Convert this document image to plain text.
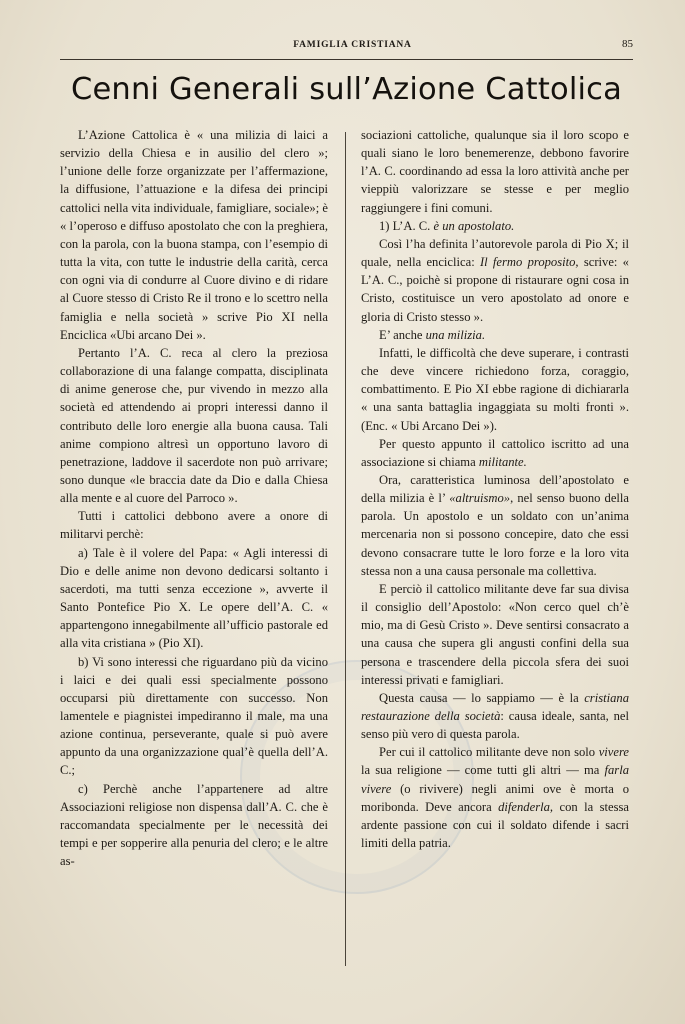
FAMIGLIA CRISTIANA	85
Cenni Generali sull’Azione Cattolica

L’Azione Cattolica è « una milizia di laici a servizio della Chiesa e in ausilio del clero »; l’unione delle forze organizzate per l’affermazione, la diffusione, l’attuazione e la difesa dei principi cattolici nella vita individuale, famigliare, sociale»; è « l’operoso e diffuso apostolato che con la preghiera, con la parola, con la buona stampa, con l’esempio di tutta la vita, con tutte le industrie della carità, cerca con ogni via di condurre al Cuore divino e di ridare al Cuore stesso di Cristo Re il trono e lo scettro nella famiglia e nella società » scrive Pio XI nella Enciclica «Ubi arcano Dei ».

Pertanto l’A. C. reca al clero la preziosa collaborazione di una falange compatta, disciplinata di anime generose che, pur vivendo in mezzo alla società ed attendendo ai propri interessi danno il contributo delle loro energie alla buona causa. Tali anime compiono altresì un opportuno lavoro di penetrazione, laddove il sacerdote non può arrivare; sono dunque «le braccia date da Dio e dalla Chiesa alla mente e al cuore del Parroco ».

Tutti i cattolici debbono avere a onore di militarvi perchè:

a) Tale è il volere del Papa: « Agli interessi di Dio e delle anime non devono dedicarsi soltanto i sacerdoti, ma tutti senza eccezione », avverte il Santo Pontefice Pio X. Le opere dell’A. C. « appartengono innegabilmente all’ufficio pastorale ed alla vita cristiana » (Pio XI).

b) Vi sono interessi che riguardano più da vicino i laici e dei quali essi specialmente possono occuparsi più direttamente con successo. Non lamentele e piagnistei impediranno il male, ma una azione continua, perseverante, quale si può avere appunto da una organizzazione qual’è quella dell’A. C.;

c) Perchè anche l’appartenere ad altre Associazioni religiose non dispensa dall’A. C. che è raccomandata specialmente per le necessità dei tempi e per sopperire alla penuria del clero; e le altre as-

sociazioni cattoliche, qualunque sia il loro scopo e quali siano le loro benemerenze, debbono favorire l’A. C. coordinando ad essa la loro attività anche per vieppiù valorizzare se stesse e per meglio raggiungere i fini comuni.

1) L’A. C. è un apostolato.

Così l’ha definita l’autorevole parola di Pio X; il quale, nella enciclica: Il fermo proposito, scrive: « L’A. C., poichè si propone di ristaurare ogni cosa in Cristo, costituisce un vero apostolato ad onore e gloria di Cristo stesso ».

E’ anche una milizia.

Infatti, le difficoltà che deve superare, i contrasti che deve vincere richiedono forza, coraggio, combattimento. E Pio XI ebbe ragione di dichiararla « una santa battaglia ingaggiata su molti fronti ». (Enc. « Ubi Arcano Dei »).

Per questo appunto il cattolico iscritto ad una associazione si chiama militante.

Ora, caratteristica luminosa dell’apostolato e della milizia è l’ «altruismo», nel senso buono della parola. Un apostolo e un soldato con un’anima mercenaria non si possono concepire, dato che essi devono consacrare tutte le loro forze e la loro vita stessa non a una causa personale ma collettiva.

E perciò il cattolico militante deve far sua divisa il consiglio dell’Apostolo: «Non cerco quel ch’è mio, ma di Gesù Cristo ». Deve sentirsi consacrato a una causa che supera gli angusti confini della sua persona e trascendere della piccola sfera dei suoi interessi privati e famigliari.

Questa causa — lo sappiamo — è la cristiana restaurazione della società: causa ideale, santa, nel senso più vero di questa parola.

Per cui il cattolico militante deve non solo vivere la sua religione — come tutti gli altri — ma farla vivere (o rivivere) negli animi ove è morta o moribonda. Deve ancora difenderla, con la stessa ardente passione con cui il soldato difende i sacri limiti della patria.
